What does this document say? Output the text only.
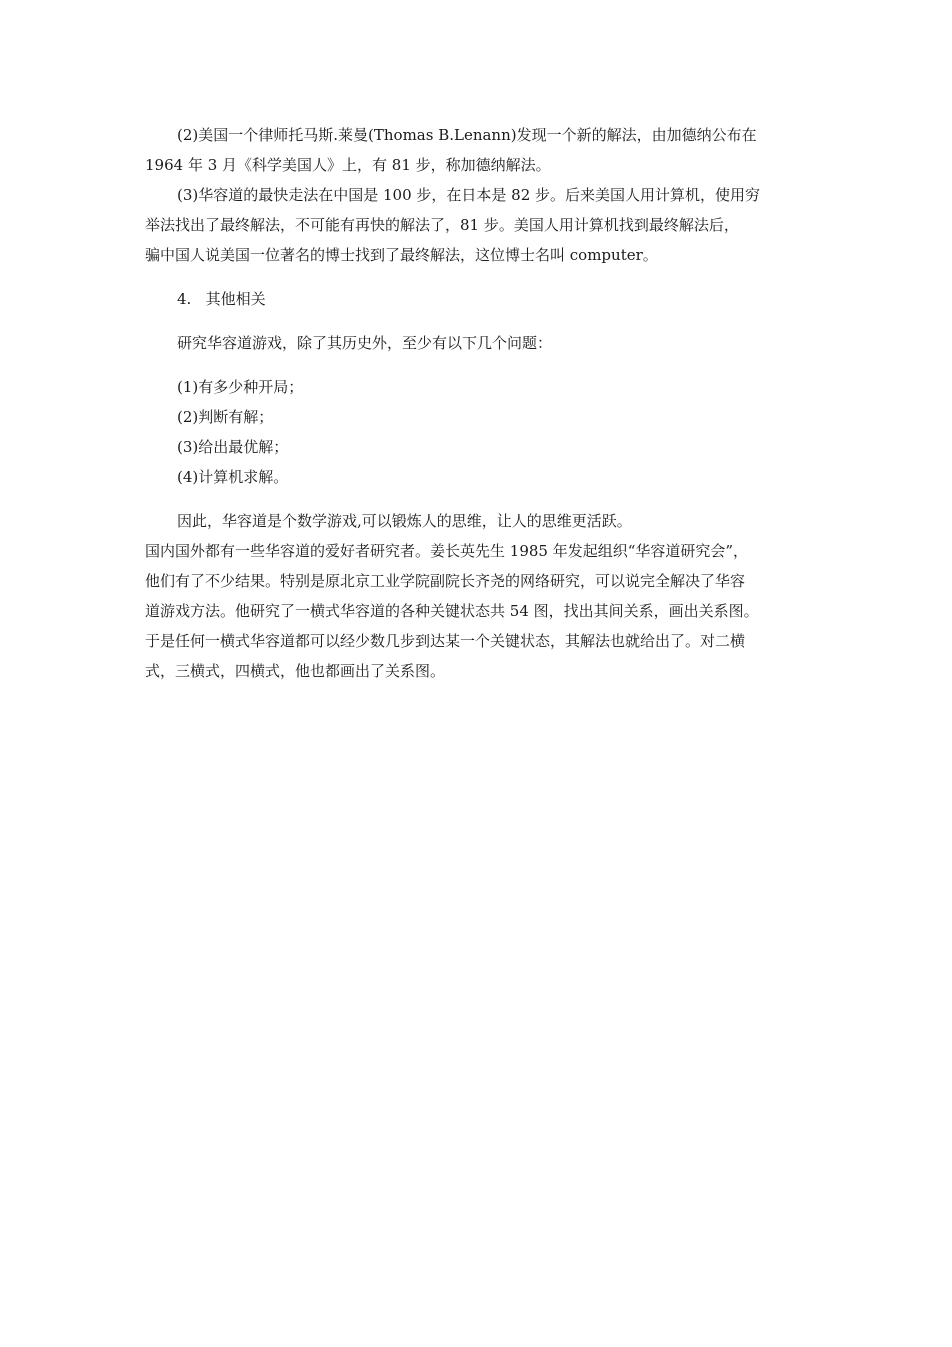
(2)美国一个律师托马斯.莱曼(Thomas B.Lenann)发现一个新的解法，由加德纳公布在

1964 年 3 月《科学美国人》上，有 81 步，称加德纳解法。

(3)华容道的最快走法在中国是 100 步，在日本是 82 步。后来美国人用计算机，使用穷

举法找出了最终解法，不可能有再快的解法了，81 步。美国人用计算机找到最终解法后，

骗中国人说美国一位著名的博士找到了最终解法，这位博士名叫 computer。

4.   其他相关

研究华容道游戏，除了其历史外，至少有以下几个问题：

(1)有多少种开局；
(2)判断有解；
(3)给出最优解；
(4)计算机求解。

因此，华容道是个数学游戏,可以锻炼人的思维，让人的思维更活跃。

国内国外都有一些华容道的爱好者研究者。姜长英先生 1985 年发起组织“华容道研究会”，

他们有了不少结果。特别是原北京工业学院副院长齐尧的网络研究，可以说完全解决了华容

道游戏方法。他研究了一横式华容道的各种关键状态共 54 图，找出其间关系，画出关系图。

于是任何一横式华容道都可以经少数几步到达某一个关键状态，其解法也就给出了。对二横

式，三横式，四横式，他也都画出了关系图。
